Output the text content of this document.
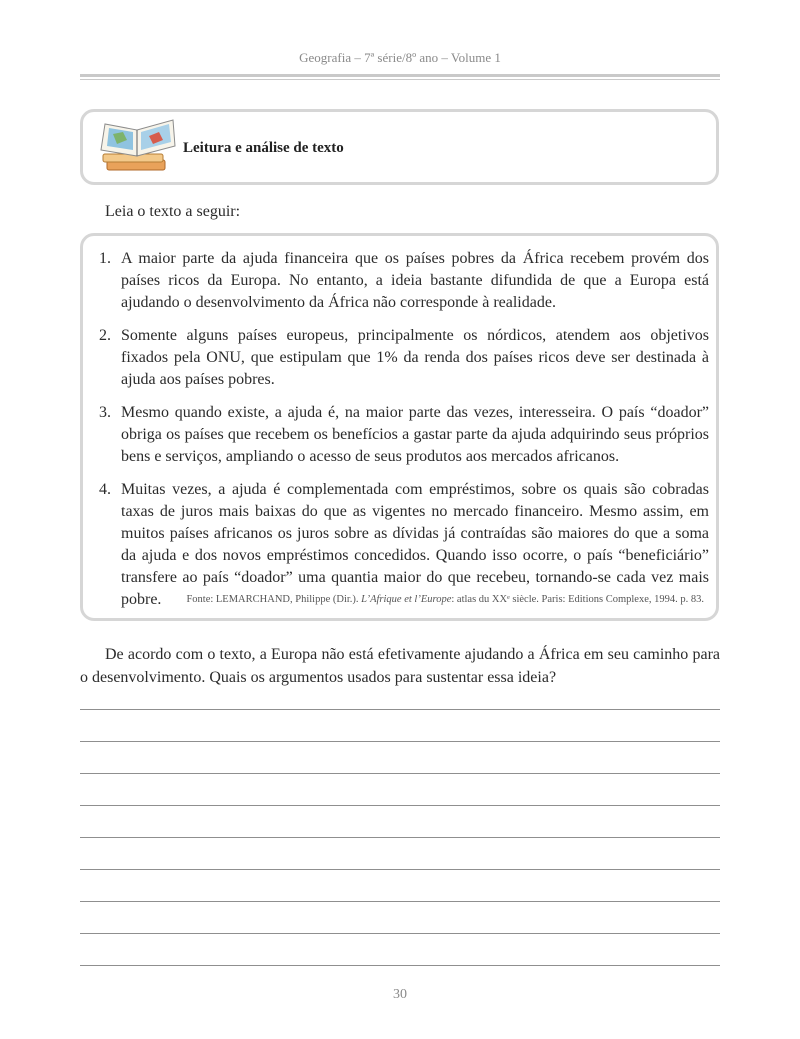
Geografia – 7ª série/8º ano – Volume 1
Leitura e análise de texto
Leia o texto a seguir:
1. A maior parte da ajuda financeira que os países pobres da África recebem provém dos países ricos da Europa. No entanto, a ideia bastante difundida de que a Europa está ajudando o desenvolvimento da África não corresponde à realidade.
2. Somente alguns países europeus, principalmente os nórdicos, atendem aos objetivos fixados pela ONU, que estipulam que 1% da renda dos países ricos deve ser destinada à ajuda aos países pobres.
3. Mesmo quando existe, a ajuda é, na maior parte das vezes, interesseira. O país “doador” obriga os países que recebem os benefícios a gastar parte da ajuda adquirindo seus próprios bens e serviços, ampliando o acesso de seus produtos aos mercados africanos.
4. Muitas vezes, a ajuda é complementada com empréstimos, sobre os quais são cobradas taxas de juros mais baixas do que as vigentes no mercado financeiro. Mesmo assim, em muitos países africanos os juros sobre as dívidas já contraídas são maiores do que a soma da ajuda e dos novos empréstimos concedidos. Quando isso ocorre, o país “beneficiário” transfere ao país “doador” uma quantia maior do que recebeu, tornando-se cada vez mais pobre.	Fonte: LEMARCHAND, Philippe (Dir.). L’Afrique et l’Europe: atlas du XXᵉ siècle. Paris: Editions Complexe, 1994. p. 83.
De acordo com o texto, a Europa não está efetivamente ajudando a África em seu caminho para o desenvolvimento. Quais os argumentos usados para sustentar essa ideia?
30
